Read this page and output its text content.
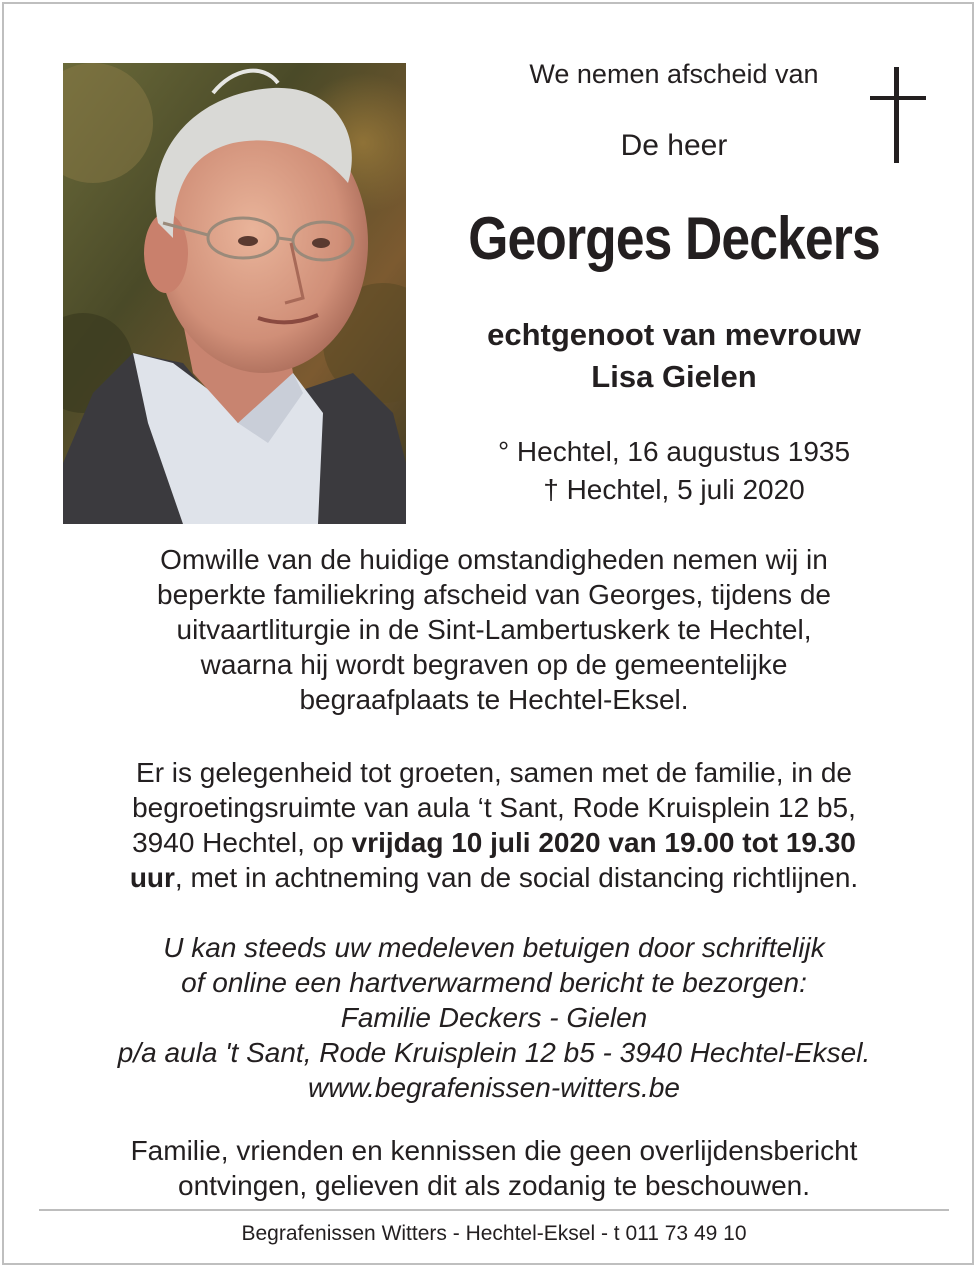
We nemen afscheid van
De heer
Georges Deckers
echtgenoot van mevrouw
Lisa Gielen
° Hechtel, 16 augustus 1935
† Hechtel, 5 juli 2020
Omwille van de huidige omstandigheden nemen wij in
beperkte familiekring afscheid van Georges, tijdens de
uitvaartliturgie in de Sint-Lambertuskerk te Hechtel,
waarna hij wordt begraven op de gemeentelijke
begraafplaats te Hechtel-Eksel.
Er is gelegenheid tot groeten, samen met de familie, in de
begroetingsruimte van aula ‘t Sant, Rode Kruisplein 12 b5,
3940 Hechtel, op vrijdag 10 juli 2020 van 19.00 tot 19.30
uur, met in achtneming van de social distancing richtlijnen.
U kan steeds uw medeleven betuigen door schriftelijk
of online een hartverwarmend bericht te bezorgen:
Familie Deckers - Gielen
p/a aula 't Sant, Rode Kruisplein 12 b5 - 3940 Hechtel-Eksel.
www.begrafenissen-witters.be
Familie, vrienden en kennissen die geen overlijdensbericht
ontvingen, gelieven dit als zodanig te beschouwen.
Begrafenissen Witters - Hechtel-Eksel - t 011 73 49 10
